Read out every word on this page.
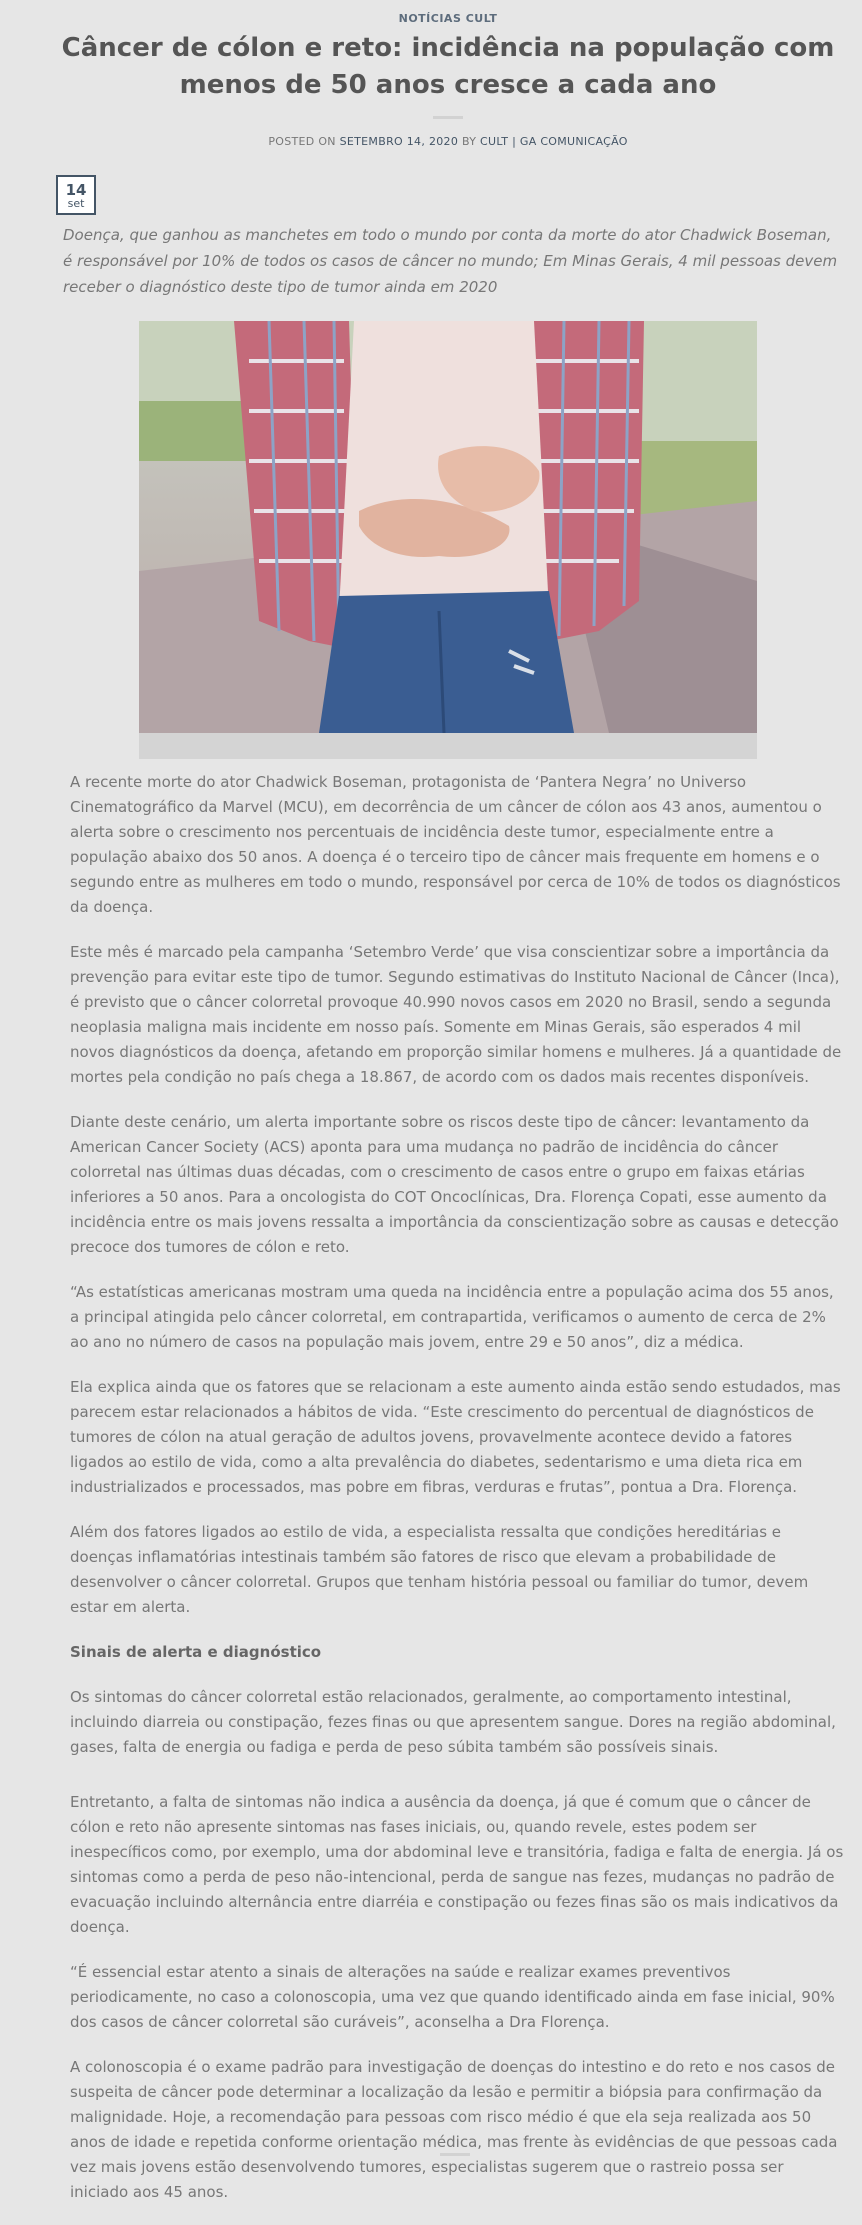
NOTÍCIAS CULT
Câncer de cólon e reto: incidência na população com menos de 50 anos cresce a cada ano
POSTED ON SETEMBRO 14, 2020 BY CULT | GA COMUNICAÇÃO
14
set
Doença, que ganhou as manchetes em todo o mundo por conta da morte do ator Chadwick Boseman, é responsável por 10% de todos os casos de câncer no mundo; Em Minas Gerais, 4 mil pessoas devem receber o diagnóstico deste tipo de tumor ainda em 2020

A recente morte do ator Chadwick Boseman, protagonista de ‘Pantera Negra’ no Universo Cinematográfico da Marvel (MCU), em decorrência de um câncer de cólon aos 43 anos, aumentou o alerta sobre o crescimento nos percentuais de incidência deste tumor, especialmente entre a população abaixo dos 50 anos. A doença é o terceiro tipo de câncer mais frequente em homens e o segundo entre as mulheres em todo o mundo, responsável por cerca de 10% de todos os diagnósticos da doença.

Este mês é marcado pela campanha ‘Setembro Verde’ que visa conscientizar sobre a importância da prevenção para evitar este tipo de tumor. Segundo estimativas do Instituto Nacional de Câncer (Inca), é previsto que o câncer colorretal provoque 40.990 novos casos em 2020 no Brasil, sendo a segunda neoplasia maligna mais incidente em nosso país. Somente em Minas Gerais, são esperados 4 mil novos diagnósticos da doença, afetando em proporção similar homens e mulheres. Já a quantidade de mortes pela condição no país chega a 18.867, de acordo com os dados mais recentes disponíveis.

Diante deste cenário, um alerta importante sobre os riscos deste tipo de câncer: levantamento da American Cancer Society (ACS) aponta para uma mudança no padrão de incidência do câncer colorretal nas últimas duas décadas, com o crescimento de casos entre o grupo em faixas etárias inferiores a 50 anos. Para a oncologista do COT Oncoclínicas, Dra. Florença Copati, esse aumento da incidência entre os mais jovens ressalta a importância da conscientização sobre as causas e detecção precoce dos tumores de cólon e reto.

“As estatísticas americanas mostram uma queda na incidência entre a população acima dos 55 anos, a principal atingida pelo câncer colorretal, em contrapartida, verificamos o aumento de cerca de 2% ao ano no número de casos na população mais jovem, entre 29 e 50 anos”, diz a médica.

Ela explica ainda que os fatores que se relacionam a este aumento ainda estão sendo estudados, mas parecem estar relacionados a hábitos de vida. “Este crescimento do percentual de diagnósticos de tumores de cólon na atual geração de adultos jovens, provavelmente acontece devido a fatores ligados ao estilo de vida, como a alta prevalência do diabetes, sedentarismo e uma dieta rica em industrializados e processados, mas pobre em fibras, verduras e frutas”, pontua a Dra. Florença.

Além dos fatores ligados ao estilo de vida, a especialista ressalta que condições hereditárias e doenças inflamatórias intestinais também são fatores de risco que elevam a probabilidade de desenvolver o câncer colorretal. Grupos que tenham história pessoal ou familiar do tumor, devem estar em alerta.

Sinais de alerta e diagnóstico

Os sintomas do câncer colorretal estão relacionados, geralmente, ao comportamento intestinal, incluindo diarreia ou constipação, fezes finas ou que apresentem sangue. Dores na região abdominal, gases, falta de energia ou fadiga e perda de peso súbita também são possíveis sinais.

Entretanto, a falta de sintomas não indica a ausência da doença, já que é comum que o câncer de cólon e reto não apresente sintomas nas fases iniciais, ou, quando revele, estes podem ser inespecíficos como, por exemplo, uma dor abdominal leve e transitória, fadiga e falta de energia. Já os sintomas como a perda de peso não-intencional, perda de sangue nas fezes, mudanças no padrão de evacuação incluindo alternância entre diarréia e constipação ou fezes finas são os mais indicativos da doença.

“É essencial estar atento a sinais de alterações na saúde e realizar exames preventivos periodicamente, no caso a colonoscopia, uma vez que quando identificado ainda em fase inicial, 90% dos casos de câncer colorretal são curáveis”, aconselha a Dra Florença.

A colonoscopia é o exame padrão para investigação de doenças do intestino e do reto e nos casos de suspeita de câncer pode determinar a localização da lesão e permitir a biópsia para confirmação da malignidade. Hoje, a recomendação para pessoas com risco médio é que ela seja realizada aos 50 anos de idade e repetida conforme orientação médica, mas frente às evidências de que pessoas cada vez mais jovens estão desenvolvendo tumores, especialistas sugerem que o rastreio possa ser iniciado aos 45 anos.
